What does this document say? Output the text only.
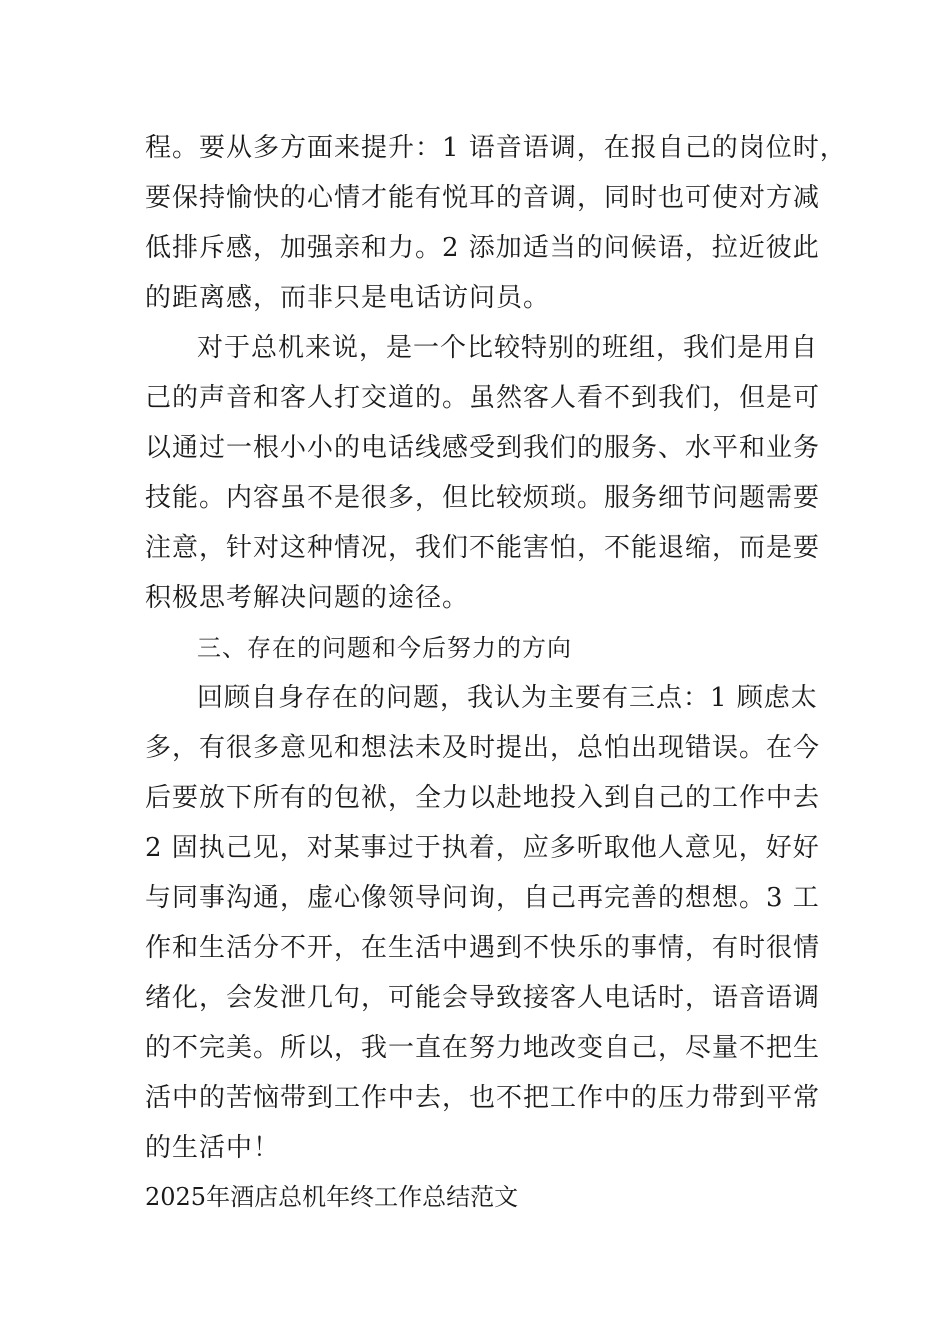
程。要从多方面来提升：1 语音语调，在报自己的岗位时，
要保持愉快的心情才能有悦耳的音调，同时也可使对方减
低排斥感，加强亲和力。2 添加适当的问候语，拉近彼此
的距离感，而非只是电话访问员。
对于总机来说，是一个比较特别的班组，我们是用自
己的声音和客人打交道的。虽然客人看不到我们，但是可
以通过一根小小的电话线感受到我们的服务、水平和业务
技能。内容虽不是很多，但比较烦琐。服务细节问题需要
注意，针对这种情况，我们不能害怕，不能退缩，而是要
积极思考解决问题的途径。
三、存在的问题和今后努力的方向
回顾自身存在的问题，我认为主要有三点：1 顾虑太
多，有很多意见和想法未及时提出，总怕出现错误。在今
后要放下所有的包袱，全力以赴地投入到自己的工作中去
2 固执己见，对某事过于执着，应多听取他人意见，好好
与同事沟通，虚心像领导问询，自己再完善的想想。3 工
作和生活分不开，在生活中遇到不快乐的事情，有时很情
绪化，会发泄几句，可能会导致接客人电话时，语音语调
的不完美。所以，我一直在努力地改变自己，尽量不把生
活中的苦恼带到工作中去，也不把工作中的压力带到平常
的生活中！
2025年酒店总机年终工作总结范文
